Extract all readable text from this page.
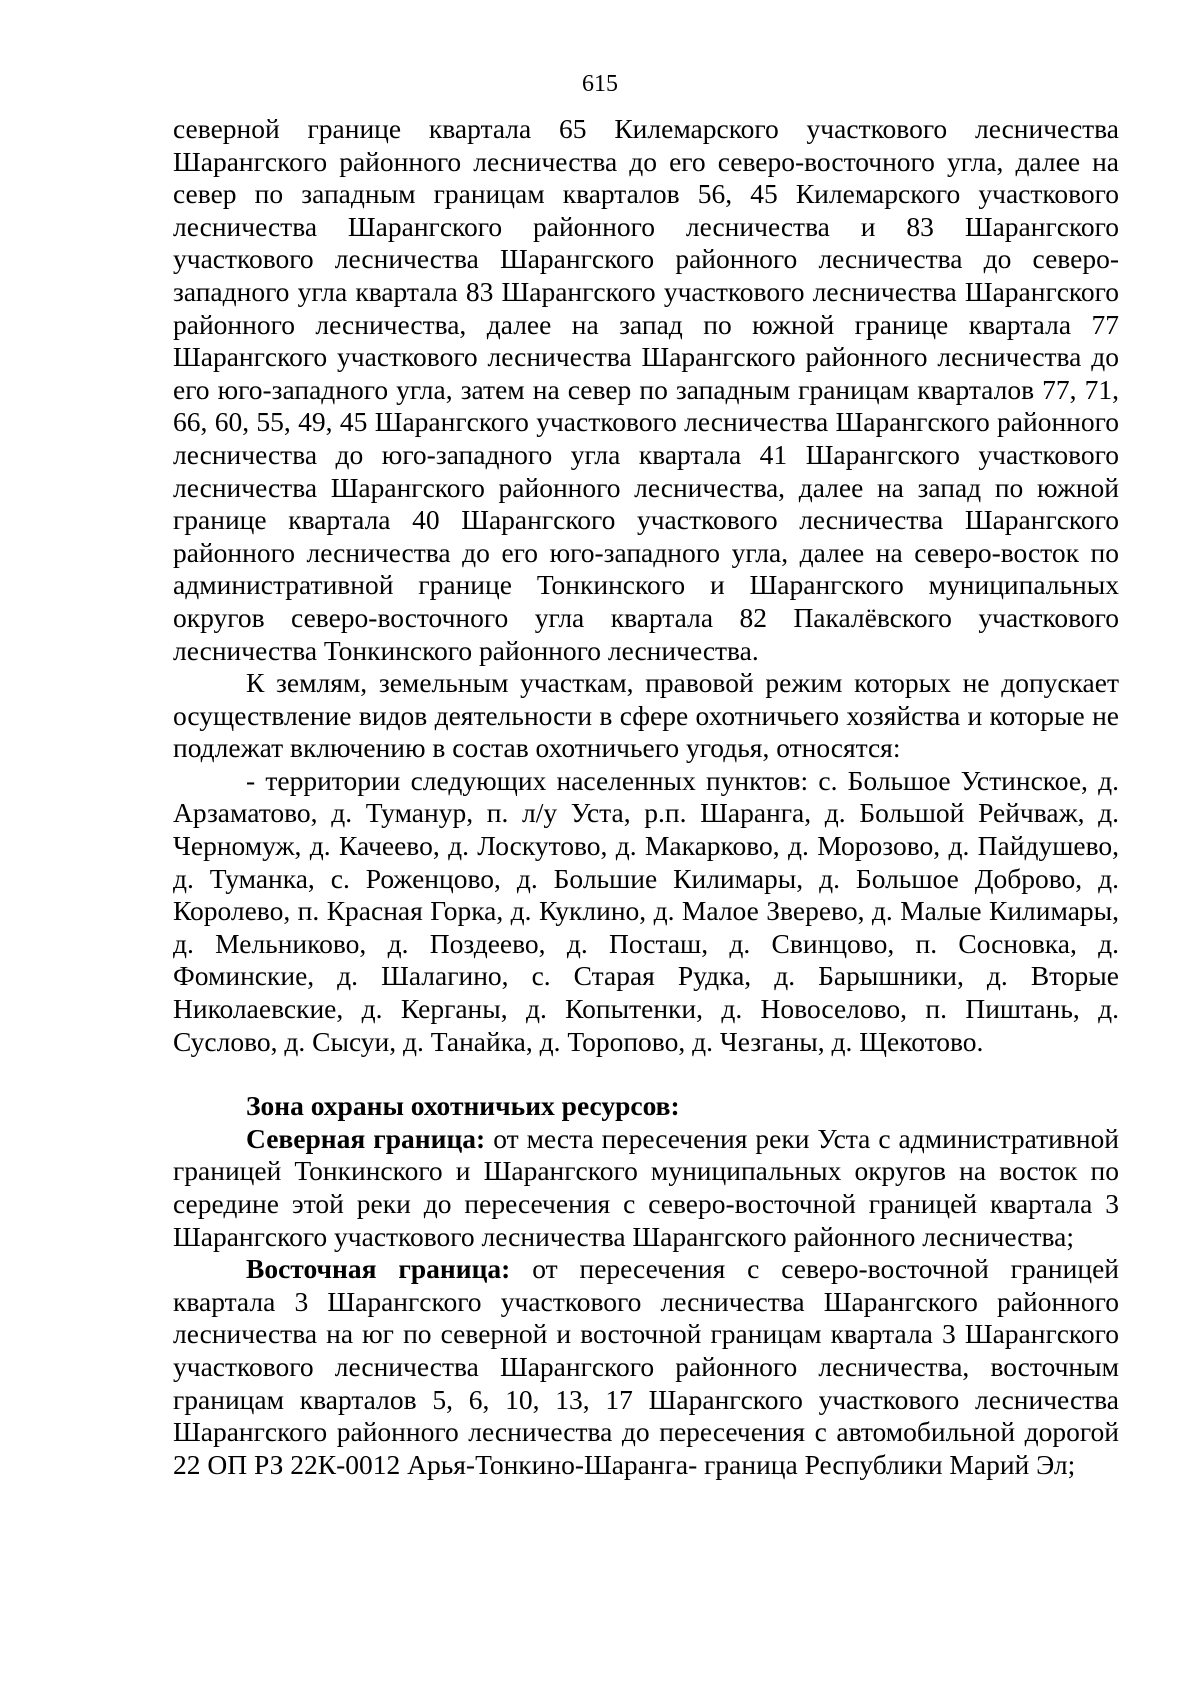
615

северной границе квартала 65 Килемарского участкового лесничества Шарангского районного лесничества до его северо-восточного угла, далее на север по западным границам кварталов 56, 45 Килемарского участкового лесничества Шарангского районного лесничества и 83 Шарангского участкового лесничества Шарангского районного лесничества до северо-западного угла квартала 83 Шарангского участкового лесничества Шарангского районного лесничества, далее на запад по южной границе квартала 77 Шарангского участкового лесничества Шарангского районного лесничества до его юго-западного угла, затем на север по западным границам кварталов 77, 71, 66, 60, 55, 49, 45 Шарангского участкового лесничества Шарангского районного лесничества до юго-западного угла квартала 41 Шарангского участкового лесничества Шарангского районного лесничества, далее на запад по южной границе квартала 40 Шарангского участкового лесничества Шарангского районного лесничества до его юго-западного угла, далее на северо-восток по административной границе Тонкинского и Шарангского муниципальных округов северо-восточного угла квартала 82 Пакалёвского участкового лесничества Тонкинского районного лесничества.

К землям, земельным участкам, правовой режим которых не допускает осуществление видов деятельности в сфере охотничьего хозяйства и которые не подлежат включению в состав охотничьего угодья, относятся:

- территории следующих населенных пунктов: с. Большое Устинское, д. Арзаматово, д. Туманур, п. л/у Уста, р.п. Шаранга, д. Большой Рейчваж, д. Черномуж, д. Качеево, д. Лоскутово, д. Макарково, д. Морозово, д. Пайдушево, д. Туманка, с. Роженцово, д. Большие Килимары, д. Большое Доброво, д. Королево, п. Красная Горка, д. Куклино, д. Малое Зверево, д. Малые Килимары, д. Мельниково, д. Поздеево, д. Посташ, д. Свинцово, п. Сосновка, д. Фоминские, д. Шалагино, с. Старая Рудка, д. Барышники, д. Вторые Николаевские, д. Керганы, д. Копытенки, д. Новоселово, п. Пиштань, д. Суслово, д. Сысуи, д. Танайка, д. Торопово, д. Чезганы, д. Щекотово.

Зона охраны охотничьих ресурсов:

Северная граница: от места пересечения реки Уста с административной границей Тонкинского и Шарангского муниципальных округов на восток по середине этой реки до пересечения с северо-восточной границей квартала 3 Шарангского участкового лесничества Шарангского районного лесничества;

Восточная граница: от пересечения с северо-восточной границей квартала 3 Шарангского участкового лесничества Шарангского районного лесничества на юг по северной и восточной границам квартала 3 Шарангского участкового лесничества Шарангского районного лесничества, восточным границам кварталов 5, 6, 10, 13, 17 Шарангского участкового лесничества Шарангского районного лесничества до пересечения с автомобильной дорогой 22 ОП РЗ 22К-0012 Арья-Тонкино-Шаранга- граница Республики Марий Эл;
